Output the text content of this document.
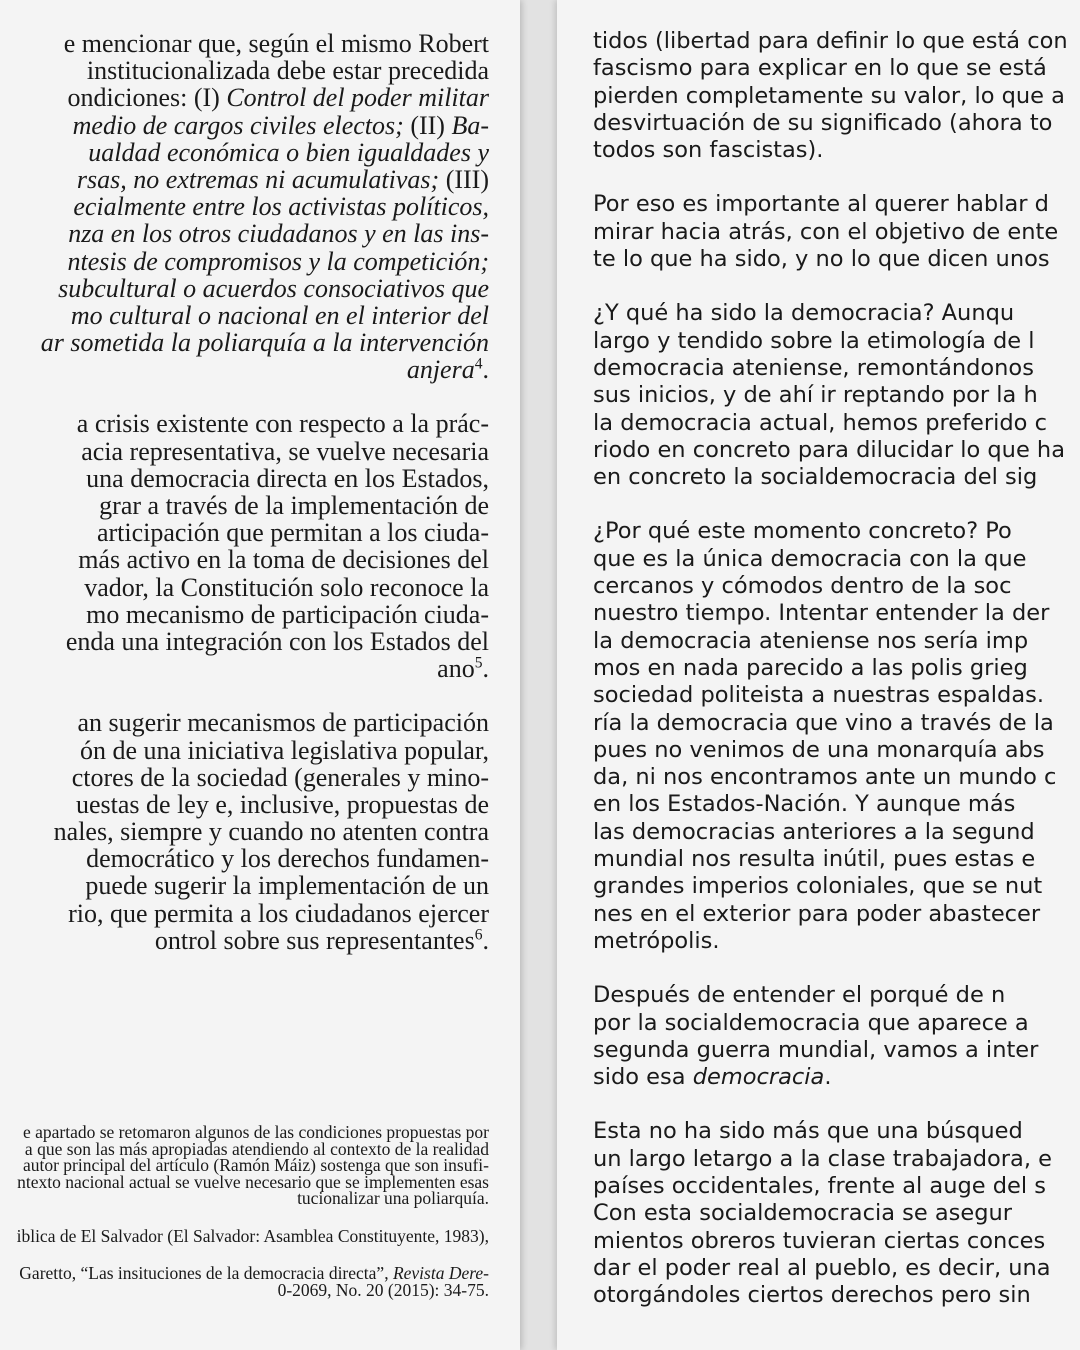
e mencionar que, según el mismo Robert
institucionalizada debe estar precedida
ondiciones: (I) Control del poder militar
medio de cargos civiles electos; (II) Ba-
ualdad económica o bien igualdades y
rsas, no extremas ni acumulativas; (III)
ecialmente entre los activistas políticos,
nza en los otros ciudadanos y en las ins-
ntesis de compromisos y la competición;
subcultural o acuerdos consociativos que
mo cultural o nacional en el interior del
ar sometida la poliarquía a la intervención
anjera$^4$.
a crisis existente con respecto a la prác-
acia representativa, se vuelve necesaria
una democracia directa en los Estados,
grar a través de la implementación de
articipación que permitan a los ciuda-
más activo en la toma de decisiones del
vador, la Constitución solo reconoce la
mo mecanismo de participación ciuda-
enda una integración con los Estados del
ano$^5$.
an sugerir mecanismos de participación
ón de una iniciativa legislativa popular,
ctores de la sociedad (generales y mino-
uestas de ley e, inclusive, propuestas de
nales, siempre y cuando no atenten contra
democrático y los derechos fundamen-
puede sugerir la implementación de un
rio, que permita a los ciudadanos ejercer
ontrol sobre sus representantes$^6$.
e apartado se retomaron algunos de las condiciones propuestas por
a que son las más apropiadas atendiendo al contexto de la realidad
autor principal del artículo (Ramón Máiz) sostenga que son insufi-
ntexto nacional actual se vuelve necesario que se implementen esas
tucionalizar una poliarquía.
iblica de El Salvador (El Salvador: Asamblea Constituyente, 1983),
Garetto, “Las insituciones de la democracia directa”, Revista Dere-
0-2069, No. 20 (2015): 34-75.
tidos (libertad para definir lo que está con
fascismo para explicar en lo que se está
pierden completamente su valor, lo que a
desvirtuación de su significado (ahora to
todos son fascistas).
Por eso es importante al querer hablar d
mirar hacia atrás, con el objetivo de ente
te lo que ha sido, y no lo que dicen unos
¿Y qué ha sido la democracia? Aunqu
largo y tendido sobre la etimología de l
democracia ateniense, remontándonos
sus inicios, y de ahí ir reptando por la h
la democracia actual, hemos preferido c
riodo en concreto para dilucidar lo que ha
en concreto la socialdemocracia del sig
¿Por qué este momento concreto? Po
que es la única democracia con la que
cercanos y cómodos dentro de la soc
nuestro tiempo. Intentar entender la der
la democracia ateniense nos sería imp
mos en nada parecido a las polis grieg
sociedad politeista a nuestras espaldas.
ría la democracia que vino a través de la
pues no venimos de una monarquía abs
da, ni nos encontramos ante un mundo c
en los Estados-Nación. Y aunque más
las democracias anteriores a la segund
mundial nos resulta inútil, pues estas e
grandes imperios coloniales, que se nut
nes en el exterior para poder abastecer
metrópolis.
Después de entender el porqué de n
por la socialdemocracia que aparece a
segunda guerra mundial, vamos a inter
sido esa democracia.
Esta no ha sido más que una búsqued
un largo letargo a la clase trabajadora, e
países occidentales, frente al auge del s
Con esta socialdemocracia se asegur
mientos obreros tuvieran ciertas conces
dar el poder real al pueblo, es decir, una
otorgándoles ciertos derechos pero sin
